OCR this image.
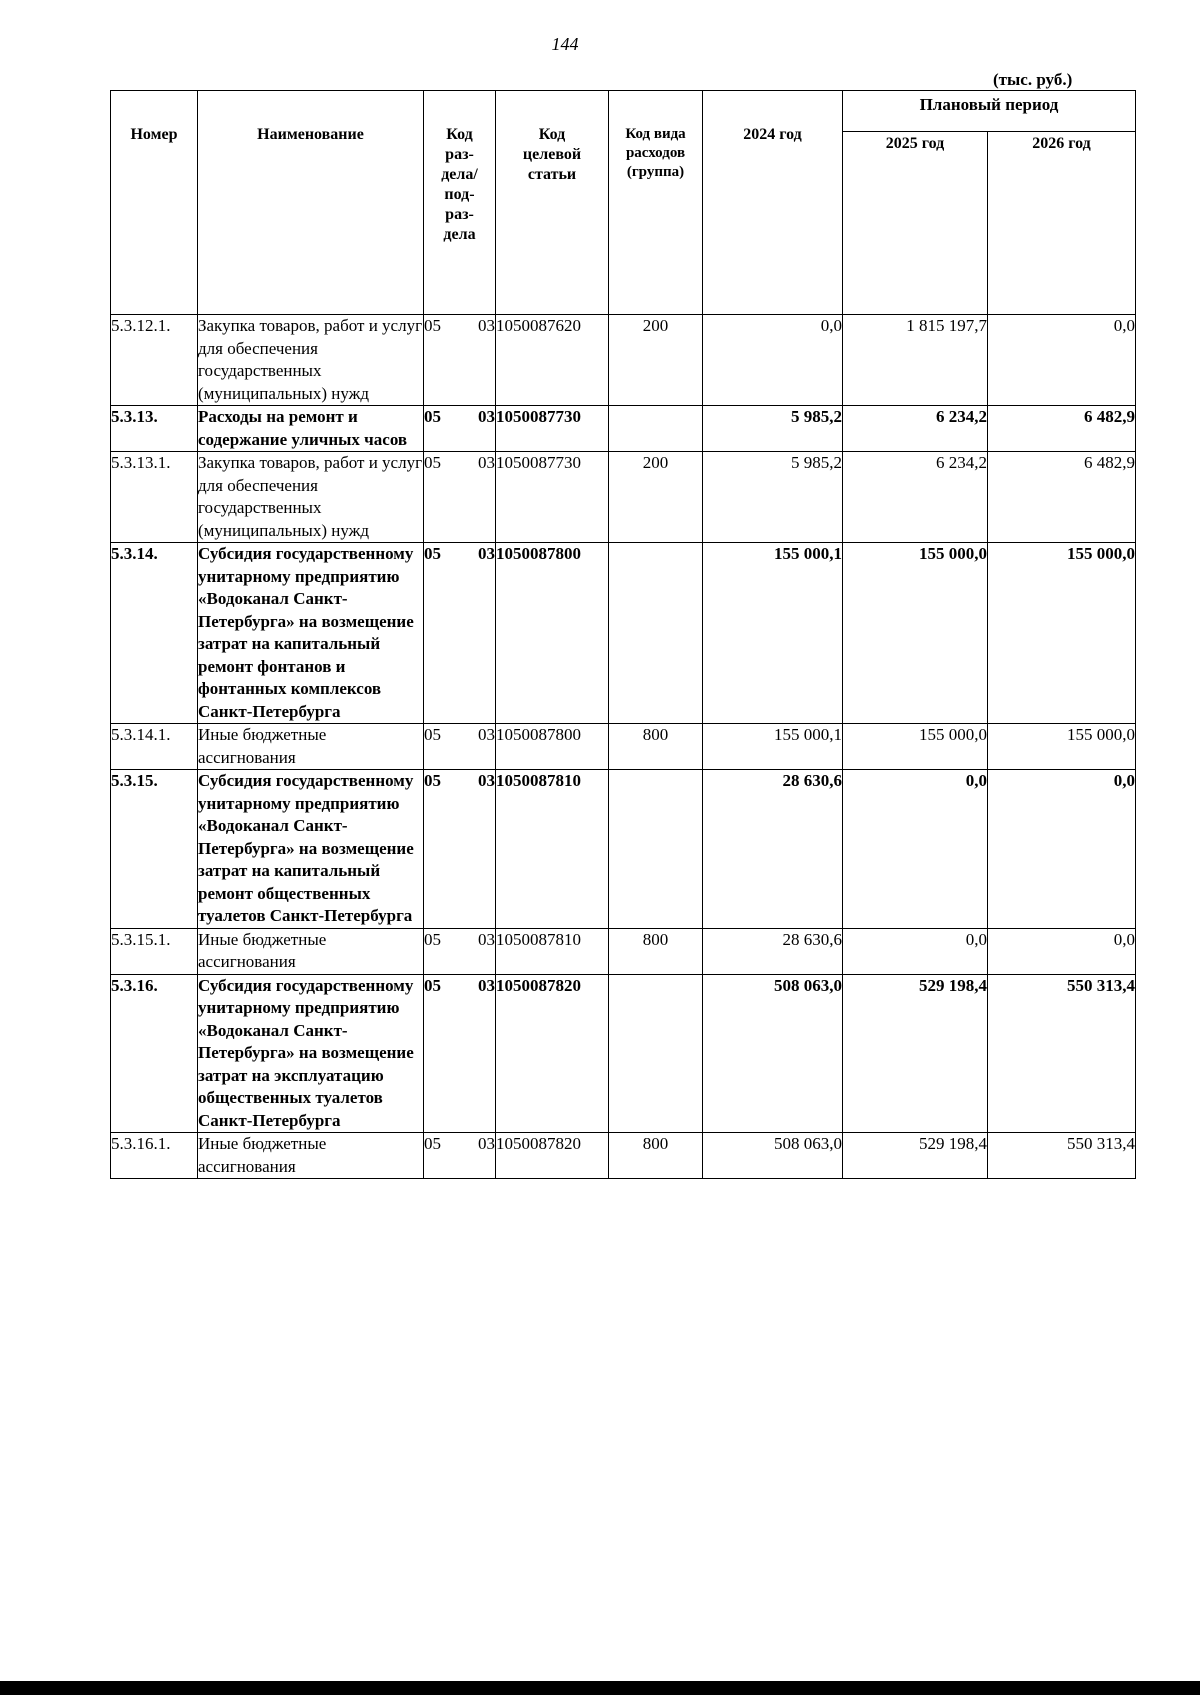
144
(тыс. руб.)
Номер	Наименование	Код раз-дела/ под-раз-дела	Код целевой статьи	Код вида расходов (группа)	2024 год	Плановый период	
						2025 год	2026 год
5.3.12.1.	Закупка товаров, работ и услуг для обеспечения государственных (муниципальных) нужд	05 03	1050087620	200	0,0	1 815 197,7	0,0
5.3.13.	Расходы на ремонт и содержание уличных часов	05 03	1050087730		5 985,2	6 234,2	6 482,9
5.3.13.1.	Закупка товаров, работ и услуг для обеспечения государственных (муниципальных) нужд	05 03	1050087730	200	5 985,2	6 234,2	6 482,9
5.3.14.	Субсидия государственному унитарному предприятию «Водоканал Санкт-Петербурга» на возмещение затрат на капитальный ремонт фонтанов и фонтанных комплексов Санкт-Петербурга	05 03	1050087800		155 000,1	155 000,0	155 000,0
5.3.14.1.	Иные бюджетные ассигнования	05 03	1050087800	800	155 000,1	155 000,0	155 000,0
5.3.15.	Субсидия государственному унитарному предприятию «Водоканал Санкт-Петербурга» на возмещение затрат на капитальный ремонт общественных туалетов Санкт-Петербурга	05 03	1050087810		28 630,6	0,0	0,0
5.3.15.1.	Иные бюджетные ассигнования	05 03	1050087810	800	28 630,6	0,0	0,0
5.3.16.	Субсидия государственному унитарному предприятию «Водоканал Санкт-Петербурга» на возмещение затрат на эксплуатацию общественных туалетов Санкт-Петербурга	05 03	1050087820		508 063,0	529 198,4	550 313,4
5.3.16.1.	Иные бюджетные ассигнования	05 03	1050087820	800	508 063,0	529 198,4	550 313,4
